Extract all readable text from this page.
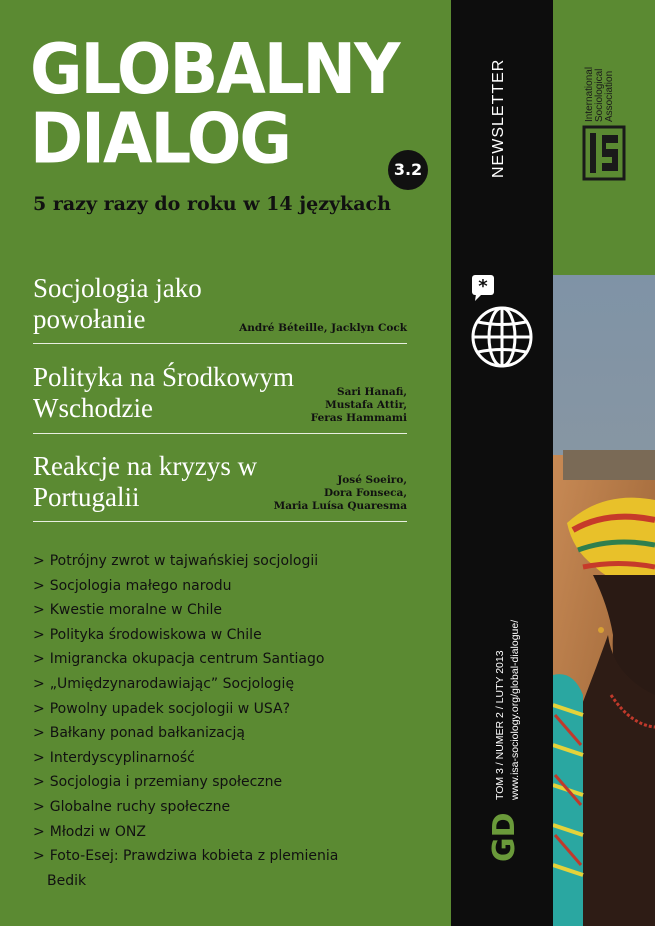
GLOBALNY
DIALOG	3.2
5 razy razy do roku w 14 językach
Socjologia jako powołanie	André Béteille, Jacklyn Cock
Polityka na Środkowym Wschodzie
Sari Hanafi,
Mustafa Attir,
Feras Hammami
Reakcje na kryzys w Portugalii
José Soeiro,
Dora Fonseca,
Maria Luísa Quaresma
> Potrójny zwrot w tajwańskiej socjologii
> Socjologia małego narodu
> Kwestie moralne w Chile
> Polityka środowiskowa w Chile
> Imigrancka okupacja centrum Santiago
> „Umiędzynarodawiając” Socjologię
> Powolny upadek socjologii w USA?
> Bałkany ponad bałkanizacją
> Interdyscyplinarność
> Socjologia i przemiany społeczne
> Globalne ruchy społeczne
> Młodzi w ONZ
> Foto-Esej: Prawdziwa kobieta z plemienia Bedik
NEWSLETTER
*
TOM 3 / NUMER 2 / LUTY 2013 www.isa-sociology.org/global-dialogue/
GD
International Sociological Association
